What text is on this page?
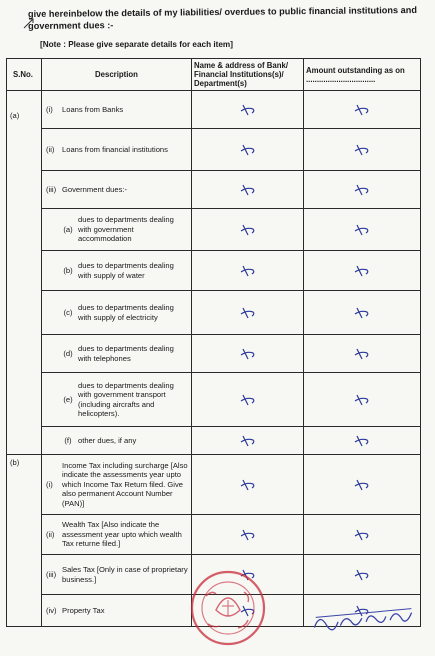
give hereinbelow the details of my liabilities/ overdues to public financial institutions and government dues :-
[Note : Please give separate details for each item]
S.No.	Description	Name & address of Bank/ Financial Institutions(s)/ Department(s)	Amount outstanding as on ................................
(a)	(i) Loans from Banks

	(ii) Loans from financial institutions

	(iii) Government dues:-

	(a)
dues to departments dealing with government accommodation

	(b)
dues to departments dealing with supply of water

	(c)
dues to departments dealing with supply of electricity

	(d)
dues to departments dealing with telephones

	(e)
dues to departments dealing with government transport (including aircrafts and helicopters).

	(f) other dues, if any

(b)	(i)
Income Tax including surcharge [Also indicate the assessments year upto which Income Tax Return filed. Give also permanent Account Number (PAN)]

	(ii)
Wealth Tax [Also indicate the assessment year upto which wealth Tax returne filed.]

	(iii)
Sales Tax [Only in case of proprietary business.]

	(iv) Property Tax
